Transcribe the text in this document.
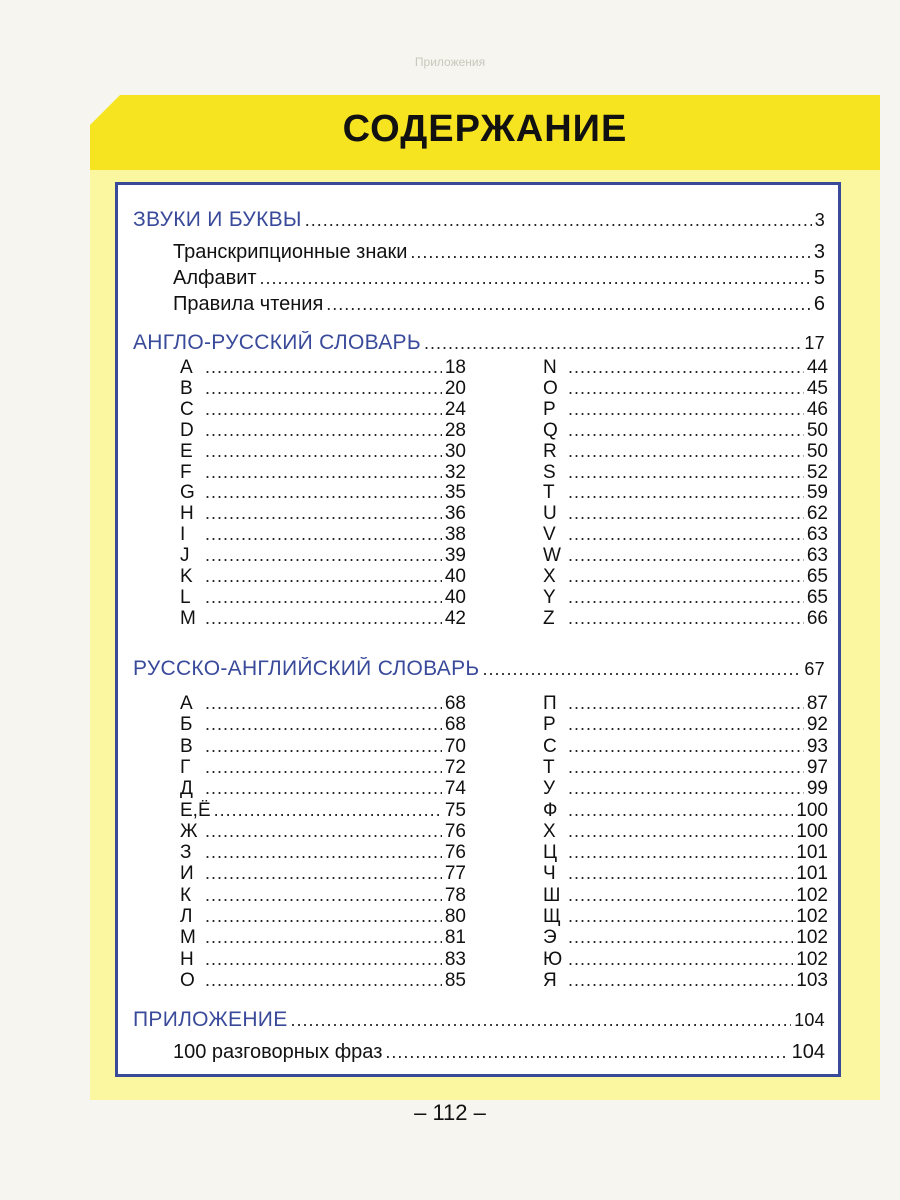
Приложения
СОДЕРЖАНИЕ
ЗВУКИ И БУКВЫ .....	3
Транскрипционные знаки .....	3
Алфавит .....	5
Правила чтения .....	6
АНГЛО-РУССКИЙ СЛОВАРЬ .....	17
A .....	18
B .....	20
C .....	24
D .....	28
E .....	30
F .....	32
G .....	35
H .....	36
I .....	38
J .....	39
K .....	40
L .....	40
M .....	42
N .....	44
O .....	45
P .....	46
Q .....	50
R .....	50
S .....	52
T .....	59
U .....	62
V .....	63
W .....	63
X .....	65
Y .....	65
Z .....	66
РУССКО-АНГЛИЙСКИЙ СЛОВАРЬ .....	67
А .....	68
Б .....	68
В .....	70
Г .....	72
Д .....	74
Е,Ё .....	75
Ж .....	76
З .....	76
И .....	77
К .....	78
Л .....	80
М .....	81
Н .....	83
О .....	85
П .....	87
Р .....	92
С .....	93
Т .....	97
У .....	99
Ф .....	100
Х .....	100
Ц .....	101
Ч .....	101
Ш .....	102
Щ .....	102
Э .....	102
Ю .....	102
Я .....	103
ПРИЛОЖЕНИЕ .....	104
100 разговорных фраз .....	104
– 112 –
